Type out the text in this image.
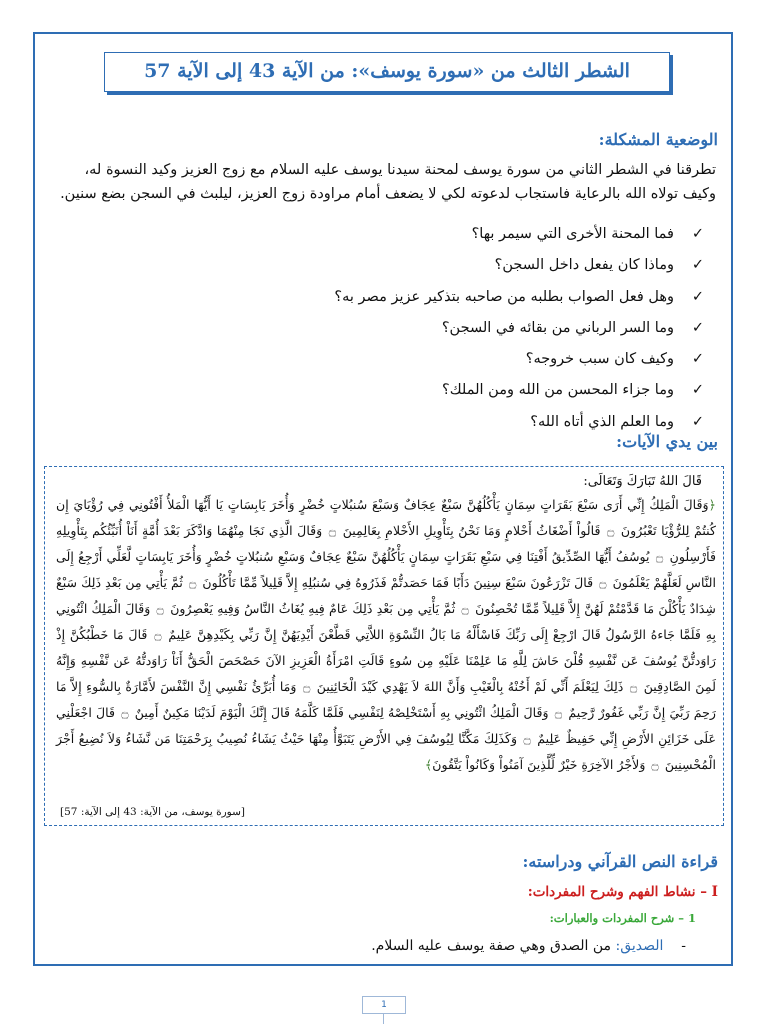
الشطر الثالث من «سورة يوسف»: من الآية 43 إلى الآية 57
الوضعية المشكلة:

تطرقنا في الشطر الثاني من سورة يوسف لمحنة سيدنا يوسف عليه السلام مع زوج العزيز وكيد النسوة له،

وكيف تولاه الله بالرعاية فاستجاب لدعوته لكي لا يضعف أمام مراودة زوج العزيز، ليلبث في السجن بضع سنين.

✓
فما المحنة الأخرى التي سيمر بها؟
✓
وماذا كان يفعل داخل السجن؟
✓
وهل فعل الصواب بطلبه من صاحبه بتذكير عزيز مصر به؟
✓
وما السر الرباني من بقائه في السجن؟
✓
وكيف كان سبب خروجه؟
✓
وما جزاء المحسن من الله ومن الملك؟
✓
وما العلم الذي أتاه الله؟
بين يدي الآيات:
قَالَ اللهُ تَبَارَكَ وَتَعَالَى:

﴿وَقَالَ الْمَلِكُ إِنِّي أَرَى سَبْعَ بَقَرَاتٍ سِمَانٍ يَأْكُلُهُنَّ سَبْعٌ عِجَافٌ وَسَبْعَ سُنبُلاتٍ خُضْرٍ وَأُخَرَ يَابِسَاتٍ يَا أَيُّهَا الْمَلأُ أَفْتُونِي فِي رُؤْيَايَ إِن كُنتُمْ لِلرُّؤْيَا تَعْبُرُونَ ۝ قَالُواْ أَضْغَاثُ أَحْلامٍ وَمَا نَحْنُ بِتَأْوِيلِ الأَحْلامِ بِعَالِمِينَ ۝ وَقَالَ الَّذِي نَجَا مِنْهُمَا وَادَّكَرَ بَعْدَ أُمَّةٍ أَنَاْ أُنَبِّئُكُم بِتَأْوِيلِهِ فَأَرْسِلُونِ ۝ يُوسُفُ أَيُّهَا الصِّدِّيقُ أَفْتِنَا فِي سَبْعِ بَقَرَاتٍ سِمَانٍ يَأْكُلُهُنَّ سَبْعٌ عِجَافٌ وَسَبْعِ سُنبُلاتٍ خُضْرٍ وَأُخَرَ يَابِسَاتٍ لَّعَلِّي أَرْجِعُ إِلَى النَّاسِ لَعَلَّهُمْ يَعْلَمُونَ ۝ قَالَ تَزْرَعُونَ سَبْعَ سِنِينَ دَأَبًا فَمَا حَصَدتُّمْ فَذَرُوهُ فِي سُنبُلِهِ إِلاَّ قَلِيلاً مِّمَّا تَأْكُلُونَ ۝ ثُمَّ يَأْتِي مِن بَعْدِ ذَلِكَ سَبْعٌ شِدَادٌ يَأْكُلْنَ مَا قَدَّمْتُمْ لَهُنَّ إِلاَّ قَلِيلاً مِّمَّا تُحْصِنُونَ ۝ ثُمَّ يَأْتِي مِن بَعْدِ ذَلِكَ عَامٌ فِيهِ يُغَاثُ النَّاسُ وَفِيهِ يَعْصِرُونَ ۝ وَقَالَ الْمَلِكُ ائْتُونِي بِهِ فَلَمَّا جَاءهُ الرَّسُولُ قَالَ ارْجِعْ إِلَى رَبِّكَ فَاسْأَلْهُ مَا بَالُ النِّسْوَةِ اللاَّتِي قَطَّعْنَ أَيْدِيَهُنَّ إِنَّ رَبِّي بِكَيْدِهِنَّ عَلِيمٌ ۝ قَالَ مَا خَطْبُكُنَّ إِذْ رَاوَدتُّنَّ يُوسُفَ عَن نَّفْسِهِ قُلْنَ حَاشَ لِلَّهِ مَا عَلِمْنَا عَلَيْهِ مِن سُوءٍ قَالَتِ امْرَأَةُ الْعَزِيزِ الآنَ حَصْحَصَ الْحَقُّ أَنَاْ رَاوَدتُّهُ عَن نَّفْسِهِ وَإِنَّهُ لَمِنَ الصَّادِقِينَ ۝ ذَلِكَ لِيَعْلَمَ أَنِّي لَمْ أَخُنْهُ بِالْغَيْبِ وَأَنَّ اللهَ لاَ يَهْدِي كَيْدَ الْخَائِنِينَ ۝ وَمَا أُبَرِّئُ نَفْسِي إِنَّ النَّفْسَ لأَمَّارَةٌ بِالسُّوءِ إِلاَّ مَا رَحِمَ رَبِّيَ إِنَّ رَبِّي غَفُورٌ رَّحِيمٌ ۝ وَقَالَ الْمَلِكُ ائْتُونِي بِهِ أَسْتَخْلِصْهُ لِنَفْسِي فَلَمَّا كَلَّمَهُ قَالَ إِنَّكَ الْيَوْمَ لَدَيْنَا مَكِينٌ أَمِينٌ ۝ قَالَ اجْعَلْنِي عَلَى خَزَائِنِ الأَرْضِ إِنِّي حَفِيظٌ عَلِيمٌ ۝ وَكَذَلِكَ مَكَّنَّا لِيُوسُفَ فِي الأَرْضِ يَتَبَوَّأُ مِنْهَا حَيْثُ يَشَاءُ نُصِيبُ بِرَحْمَتِنَا مَن نَّشَاءُ وَلاَ نُضِيعُ أَجْرَ الْمُحْسِنِينَ ۝ وَلأَجْرُ الآخِرَةِ خَيْرٌ لِّلَّذِينَ آمَنُواْ وَكَانُواْ يَتَّقُونَ﴾

[سورة يوسف، من الآية: 43 إلى الآية: 57]
قراءة النص القرآني ودراسته:
I – نشاط الفهم وشرح المفردات:
1 – شرح المفردات والعبارات:
-    الصديق: من الصدق وهي صفة يوسف عليه السلام.
1
